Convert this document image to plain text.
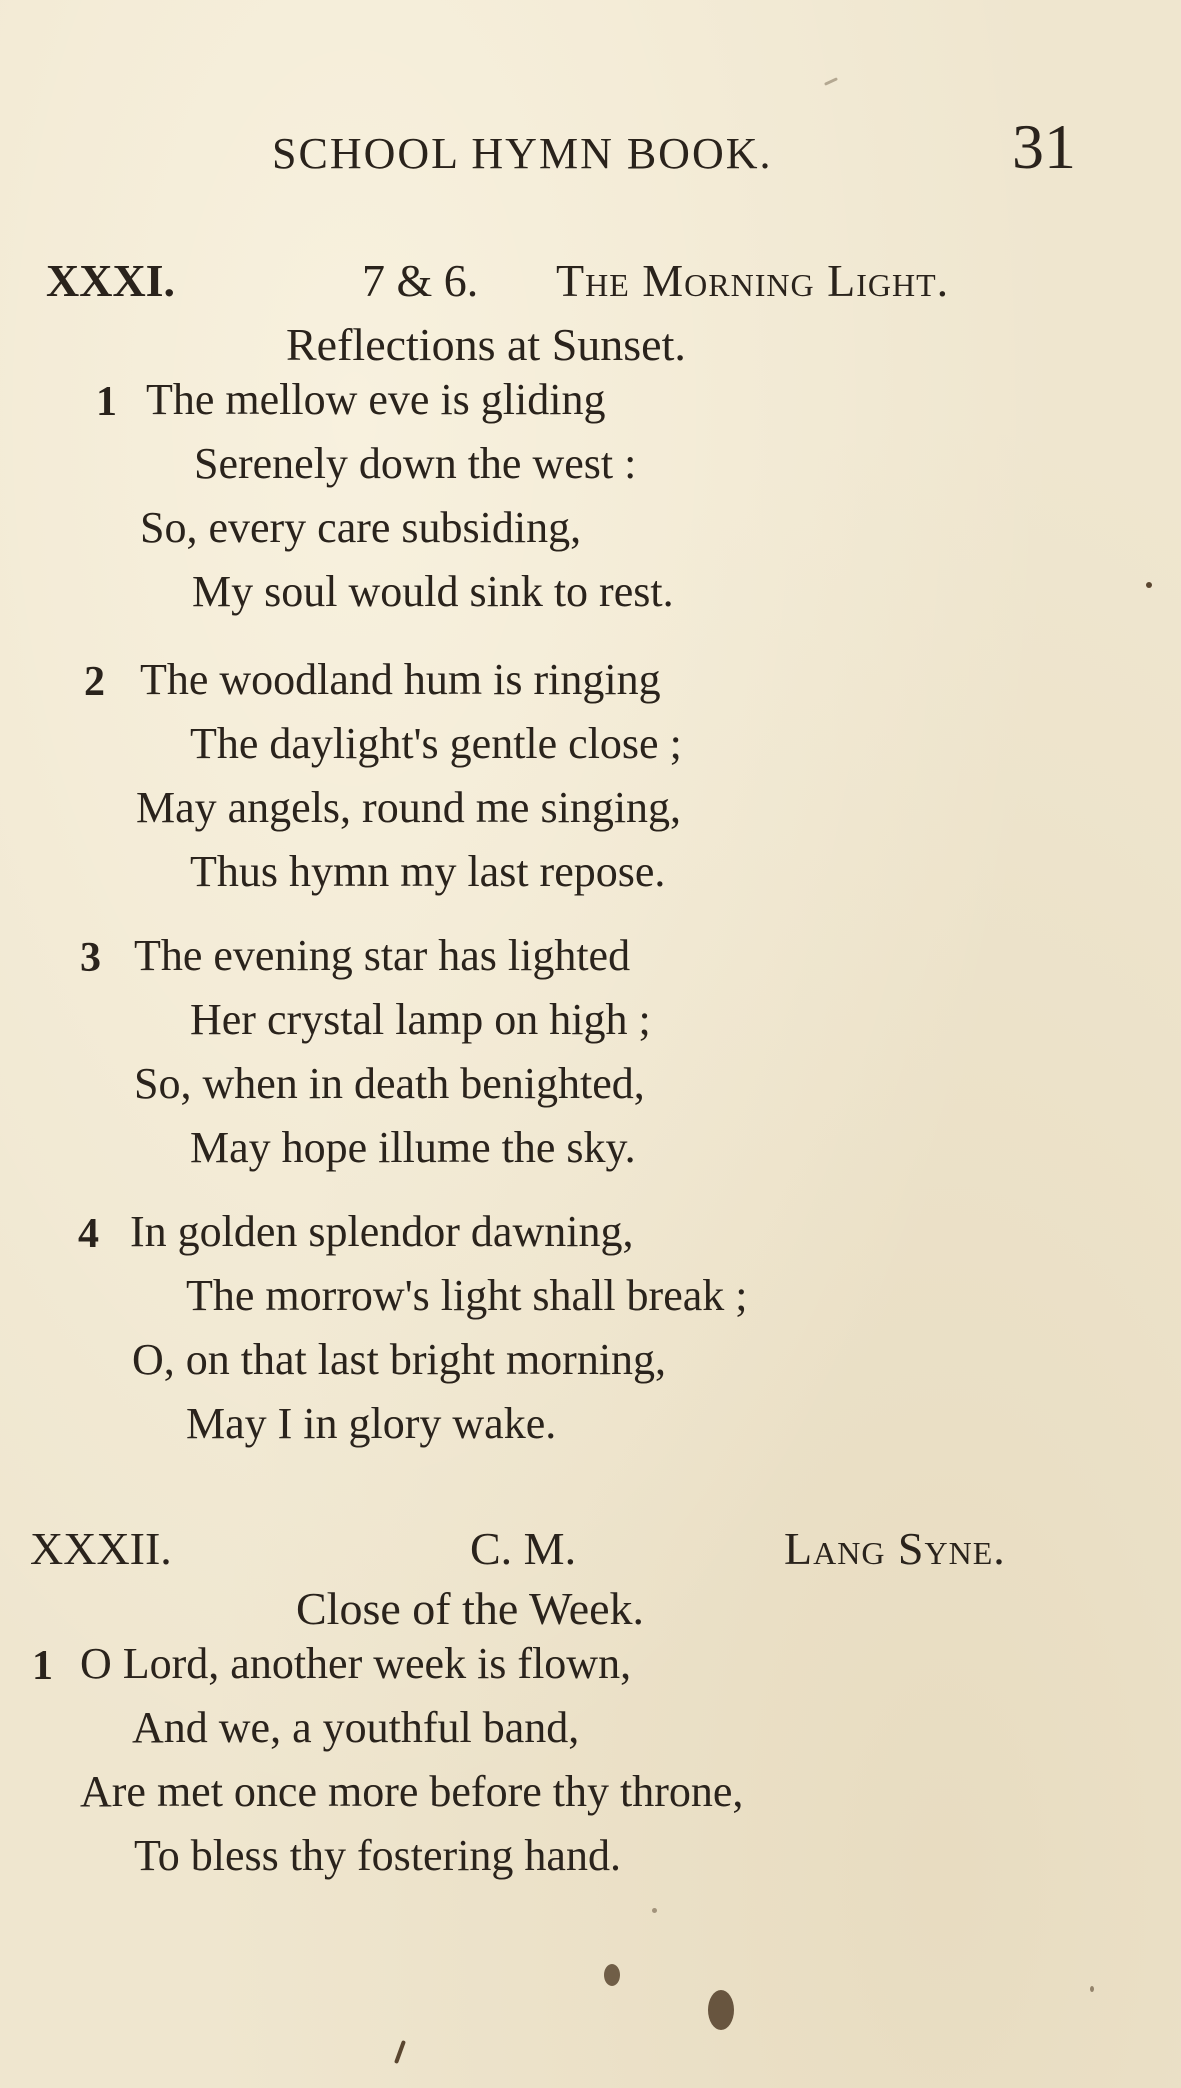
SCHOOL HYMN BOOK.	31
XXXI.	7 & 6. The Morning Light.
Reflections at Sunset.
1 The mellow eve is gliding
Serenely down the west :
So, every care subsiding,
My soul would sink to rest.
2 The woodland hum is ringing
The daylight's gentle close ;
May angels, round me singing,
Thus hymn my last repose.
3 The evening star has lighted
Her crystal lamp on high ;
So, when in death benighted,
May hope illume the sky.
4 In golden splendor dawning,
The morrow's light shall break ;
O, on that last bright morning,
May I in glory wake.
XXXII.	C. M.	Lang Syne.
Close of the Week.
1 O Lord, another week is flown,
And we, a youthful band,
Are met once more before thy throne,
To bless thy fostering hand.
